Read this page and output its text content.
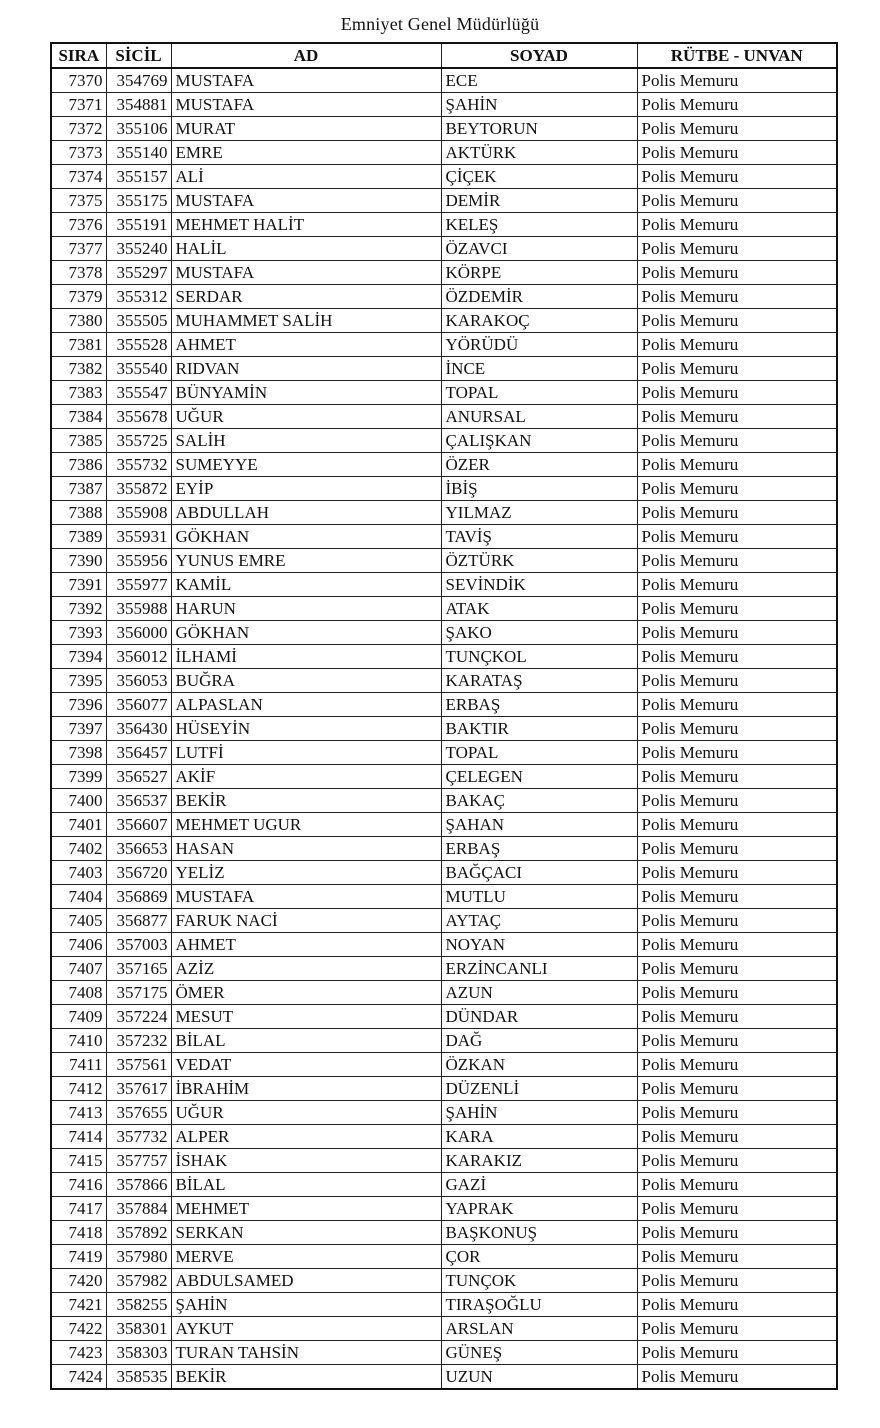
Emniyet Genel Müdürlüğü
SIRA	SİCİL	AD	SOYAD	RÜTBE - UNVAN
7370	354769	MUSTAFA	ECE	Polis Memuru
7371	354881	MUSTAFA	ŞAHİN	Polis Memuru
7372	355106	MURAT	BEYTORUN	Polis Memuru
7373	355140	EMRE	AKTÜRK	Polis Memuru
7374	355157	ALİ	ÇİÇEK	Polis Memuru
7375	355175	MUSTAFA	DEMİR	Polis Memuru
7376	355191	MEHMET HALİT	KELEŞ	Polis Memuru
7377	355240	HALİL	ÖZAVCI	Polis Memuru
7378	355297	MUSTAFA	KÖRPE	Polis Memuru
7379	355312	SERDAR	ÖZDEMİR	Polis Memuru
7380	355505	MUHAMMET SALİH	KARAKOÇ	Polis Memuru
7381	355528	AHMET	YÖRÜDÜ	Polis Memuru
7382	355540	RIDVAN	İNCE	Polis Memuru
7383	355547	BÜNYAMİN	TOPAL	Polis Memuru
7384	355678	UĞUR	ANURSAL	Polis Memuru
7385	355725	SALİH	ÇALIŞKAN	Polis Memuru
7386	355732	SUMEYYE	ÖZER	Polis Memuru
7387	355872	EYİP	İBİŞ	Polis Memuru
7388	355908	ABDULLAH	YILMAZ	Polis Memuru
7389	355931	GÖKHAN	TAVİŞ	Polis Memuru
7390	355956	YUNUS EMRE	ÖZTÜRK	Polis Memuru
7391	355977	KAMİL	SEVİNDİK	Polis Memuru
7392	355988	HARUN	ATAK	Polis Memuru
7393	356000	GÖKHAN	ŞAKO	Polis Memuru
7394	356012	İLHAMİ	TUNÇKOL	Polis Memuru
7395	356053	BUĞRA	KARATAŞ	Polis Memuru
7396	356077	ALPASLAN	ERBAŞ	Polis Memuru
7397	356430	HÜSEYİN	BAKTIR	Polis Memuru
7398	356457	LUTFİ	TOPAL	Polis Memuru
7399	356527	AKİF	ÇELEGEN	Polis Memuru
7400	356537	BEKİR	BAKAÇ	Polis Memuru
7401	356607	MEHMET UGUR	ŞAHAN	Polis Memuru
7402	356653	HASAN	ERBAŞ	Polis Memuru
7403	356720	YELİZ	BAĞÇACI	Polis Memuru
7404	356869	MUSTAFA	MUTLU	Polis Memuru
7405	356877	FARUK NACİ	AYTAÇ	Polis Memuru
7406	357003	AHMET	NOYAN	Polis Memuru
7407	357165	AZİZ	ERZİNCANLI	Polis Memuru
7408	357175	ÖMER	AZUN	Polis Memuru
7409	357224	MESUT	DÜNDAR	Polis Memuru
7410	357232	BİLAL	DAĞ	Polis Memuru
7411	357561	VEDAT	ÖZKAN	Polis Memuru
7412	357617	İBRAHİM	DÜZENLİ	Polis Memuru
7413	357655	UĞUR	ŞAHİN	Polis Memuru
7414	357732	ALPER	KARA	Polis Memuru
7415	357757	İSHAK	KARAKIZ	Polis Memuru
7416	357866	BİLAL	GAZİ	Polis Memuru
7417	357884	MEHMET	YAPRAK	Polis Memuru
7418	357892	SERKAN	BAŞKONUŞ	Polis Memuru
7419	357980	MERVE	ÇOR	Polis Memuru
7420	357982	ABDULSAMED	TUNÇOK	Polis Memuru
7421	358255	ŞAHİN	TIRAŞOĞLU	Polis Memuru
7422	358301	AYKUT	ARSLAN	Polis Memuru
7423	358303	TURAN TAHSİN	GÜNEŞ	Polis Memuru
7424	358535	BEKİR	UZUN	Polis Memuru
